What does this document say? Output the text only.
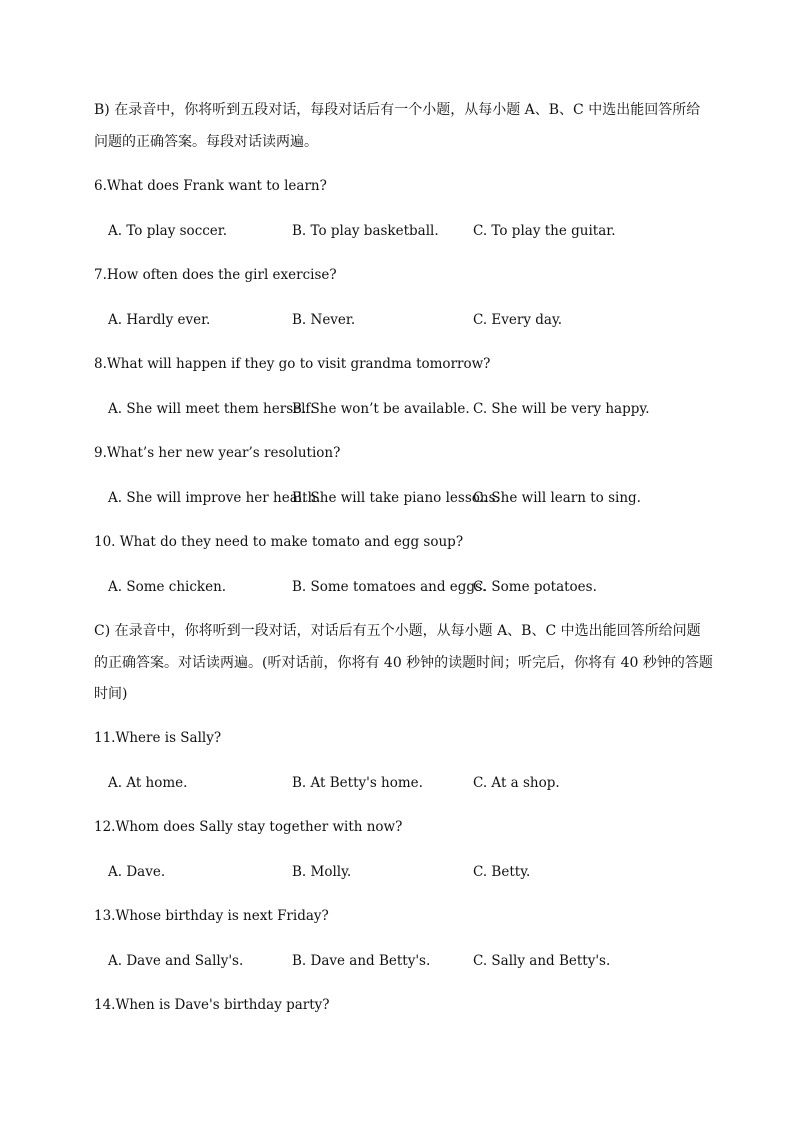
B) 在录音中，你将听到五段对话，每段对话后有一个小题，从每小题 A、B、C 中选出能回答所给
问题的正确答案。每段对话读两遍。
6.What does Frank want to learn?
A. To play soccer.	B. To play basketball.	C. To play the guitar.
7.How often does the girl exercise?
A. Hardly ever.	B. Never.	C. Every day.
8.What will happen if they go to visit grandma tomorrow?
A. She will meet them herself.
B. She won’t be available. C. She will be very happy.
9.What’s her new year’s resolution?
A. She will improve her health.
B. She will take piano lessons.
C. She will learn to sing.
10. What do they need to make tomato and egg soup?
A. Some chicken.	B. Some tomatoes and eggs.
C. Some potatoes.
C) 在录音中，你将听到一段对话，对话后有五个小题，从每小题 A、B、C 中选出能回答所给问题
的正确答案。对话读两遍。(听对话前，你将有 40 秒钟的读题时间；听完后，你将有 40 秒钟的答题
时间)
11.Where is Sally?
A. At home.	B. At Betty's home.	C. At a shop.
12.Whom does Sally stay together with now?
A. Dave.	B. Molly.	C. Betty.
13.Whose birthday is next Friday?
A. Dave and Sally's.	B. Dave and Betty's.	C. Sally and Betty's.
14.When is Dave's birthday party?
